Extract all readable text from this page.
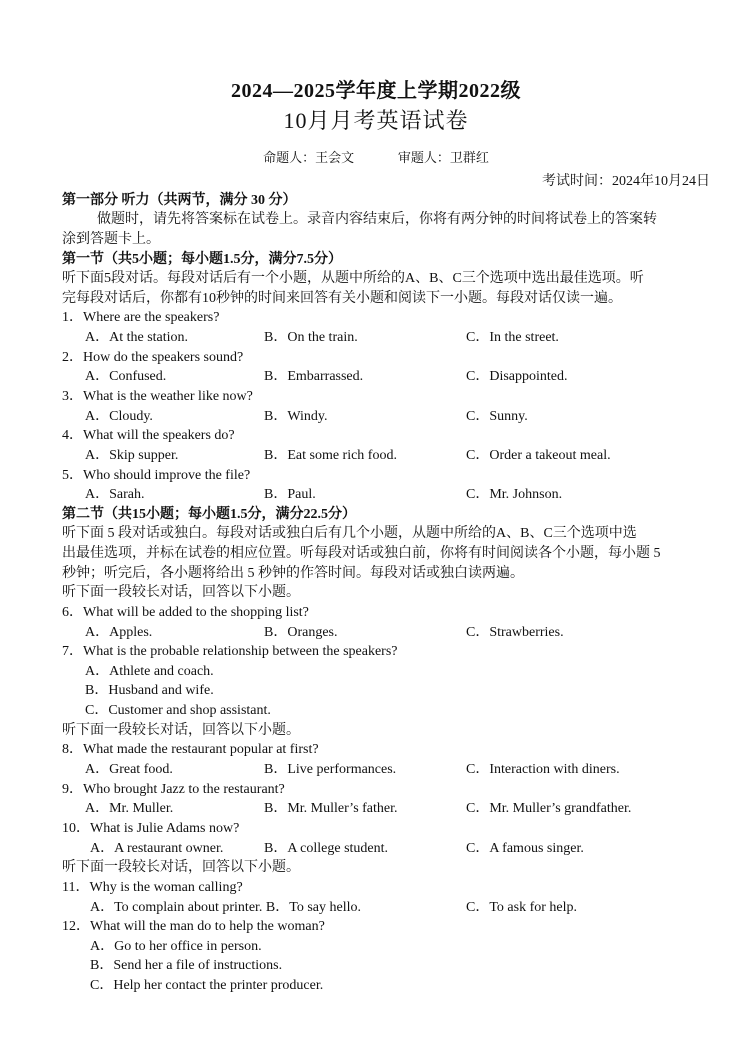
2024—2025学年度上学期2022级
10月月考英语试卷
命题人：王会文	审题人：卫群红
考试时间：2024年10月24日
第一部分 听力（共两节，满分 30 分）
做题时，请先将答案标在试卷上。录音内容结束后，你将有两分钟的时间将试卷上的答案转
涂到答题卡上。
第一节（共5小题；每小题1.5分，满分7.5分）
听下面5段对话。每段对话后有一个小题，从题中所给的A、B、C三个选项中选出最佳选项。听
完每段对话后，你都有10秒钟的时间来回答有关小题和阅读下一小题。每段对话仅读一遍。
1．Where are the speakers?
A．At the station.	B．On the train.	C．In the street.
2．How do the speakers sound?
A．Confused.	B．Embarrassed.	C．Disappointed.
3．What is the weather like now?
A．Cloudy.	B．Windy.	C．Sunny.
4．What will the speakers do?
A．Skip supper.	B．Eat some rich food.	C．Order a takeout meal.
5．Who should improve the file?
A．Sarah.	B．Paul.	C．Mr. Johnson.
第二节（共15小题；每小题1.5分，满分22.5分）
听下面 5 段对话或独白。每段对话或独白后有几个小题，从题中所给的A、B、C三个选项中选
出最佳选项，并标在试卷的相应位置。听每段对话或独白前，你将有时间阅读各个小题，每小题 5
秒钟；听完后，各小题将给出 5 秒钟的作答时间。每段对话或独白读两遍。
听下面一段较长对话，回答以下小题。
6．What will be added to the shopping list?
A．Apples.	B．Oranges.	C．Strawberries.
7．What is the probable relationship between the speakers?
A．Athlete and coach.
B．Husband and wife.
C．Customer and shop assistant.
听下面一段较长对话，回答以下小题。
8．What made the restaurant popular at first?
A．Great food.	B．Live performances.	C．Interaction with diners.
9．Who brought Jazz to the restaurant?
A．Mr. Muller.	B．Mr. Muller’s father.	C．Mr. Muller’s grandfather.
10．What is Julie Adams now?
A．A restaurant owner.	B．A college student.	C．A famous singer.
听下面一段较长对话，回答以下小题。
11．Why is the woman calling?
A．To complain about printer. B．To say hello.	C．To ask for help.
12．What will the man do to help the woman?
A．Go to her office in person.
B．Send her a file of instructions.
C．Help her contact the printer producer.
